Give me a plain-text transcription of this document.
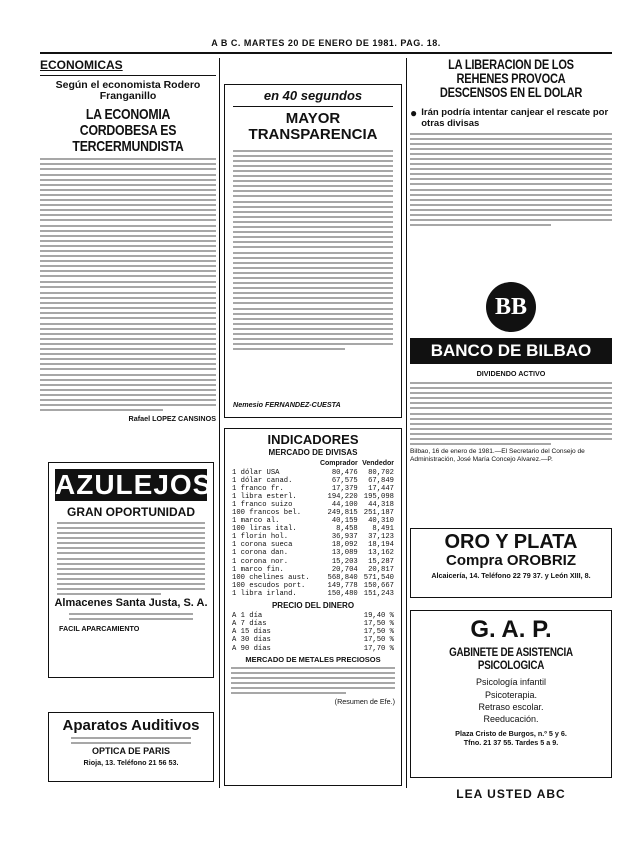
A B C. MARTES 20 DE ENERO DE 1981. PAG. 18.
ECONOMICAS
Según el economista Rodero Franganillo
LA ECONOMIA CORDOBESA ES TERCERMUNDISTA
Rafael LOPEZ CANSINOS
AZULEJOS
GRAN OPORTUNIDAD
Almacenes Santa Justa, S. A.
FACIL APARCAMIENTO
Aparatos Auditivos
OPTICA DE PARIS
Rioja, 13. Teléfono 21 56 53.
en 40 segundos
MAYOR TRANSPARENCIA
Nemesio FERNANDEZ-CUESTA
INDICADORES
MERCADO DE DIVISAS
	Comprador	Vendedor
1 dólar USA	80,476	80,702
1 dólar canad.	67,575	67,849
1 franco fr.	17,379	17,447
1 libra esterl.	194,220	195,098
1 franco suizo	44,100	44,318
100 francos bel.	249,815	251,187
1 marco al.	40,159	40,310
100 liras ital.	8,458	8,491
1 florín hol.	36,937	37,123
1 corona sueca	18,092	18,194
1 corona dan.	13,089	13,162
1 corona nor.	15,203	15,287
1 marco fin.	20,704	20,817
100 chelines aust.	568,840	571,540
100 escudos port.	149,778	150,667
1 libra irland.	150,480	151,243
PRECIO DEL DINERO
A 1 día	19,40 %
A 7 días	17,50 %
A 15 días	17,50 %
A 30 días	17,50 %
A 90 días	17,70 %
MERCADO DE METALES PRECIOSOS
(Resumen de Efe.)
LA LIBERACION DE LOS REHENES PROVOCA DESCENSOS EN EL DOLAR
● Irán podría intentar canjear el rescate por otras divisas
BB
BANCO DE BILBAO
DIVIDENDO ACTIVO
Bilbao, 16 de enero de 1981.—El Secretario del Consejo de Administración, José María Concejo Alvarez.—P.
ORO Y PLATA
Compra OROBRIZ
Alcaicería, 14. Teléfono 22 79 37. y León XIII, 8.
G. A. P.
GABINETE DE ASISTENCIA PSICOLOGICA
Psicología infantil
Psicoterapia.
Retraso escolar.
Reeducación.
Plaza Cristo de Burgos, n.º 5 y 6.
Tfno. 21 37 55. Tardes 5 a 9.
LEA USTED ABC
